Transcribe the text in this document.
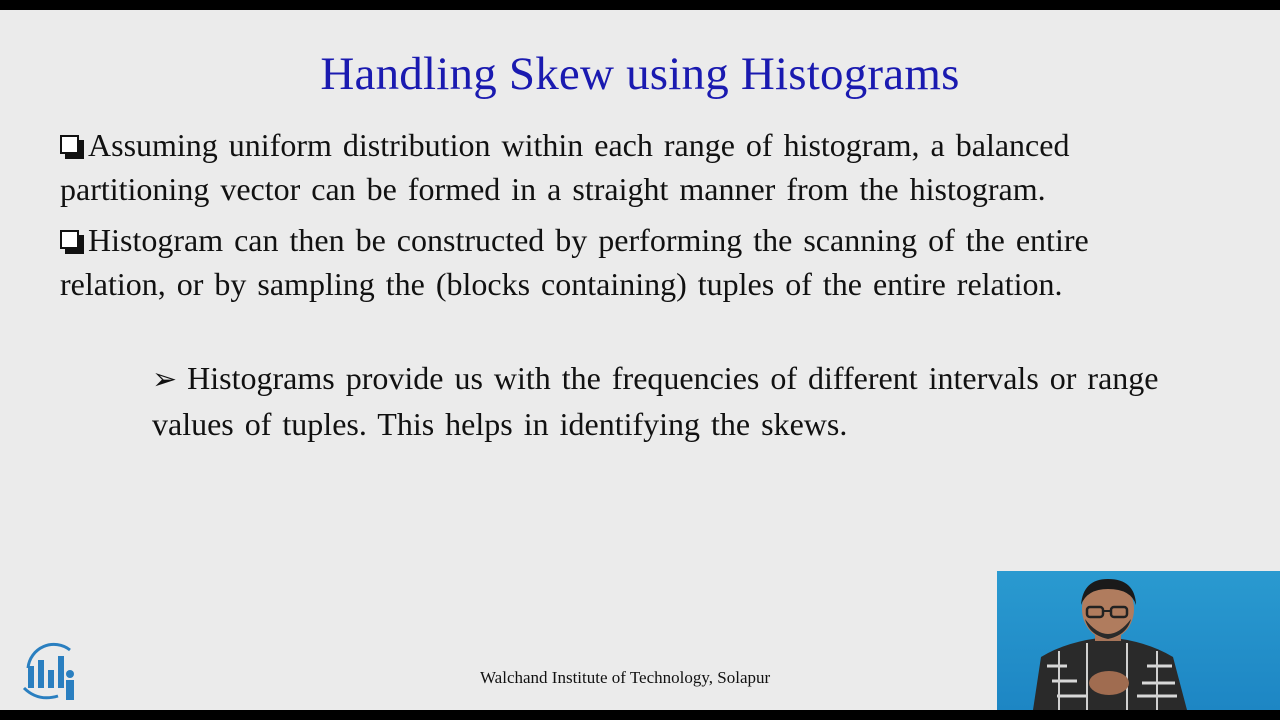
Handling Skew using Histograms
Assuming uniform distribution within each range of histogram, a balanced partitioning vector can be formed in a straight manner from the histogram.
Histogram can then be constructed by performing the scanning of the entire relation, or by sampling the (blocks containing) tuples of the entire relation.
➢ Histograms provide us with the frequencies of different intervals or range values of tuples. This helps in identifying the skews.
Walchand Institute of Technology, Solapur
